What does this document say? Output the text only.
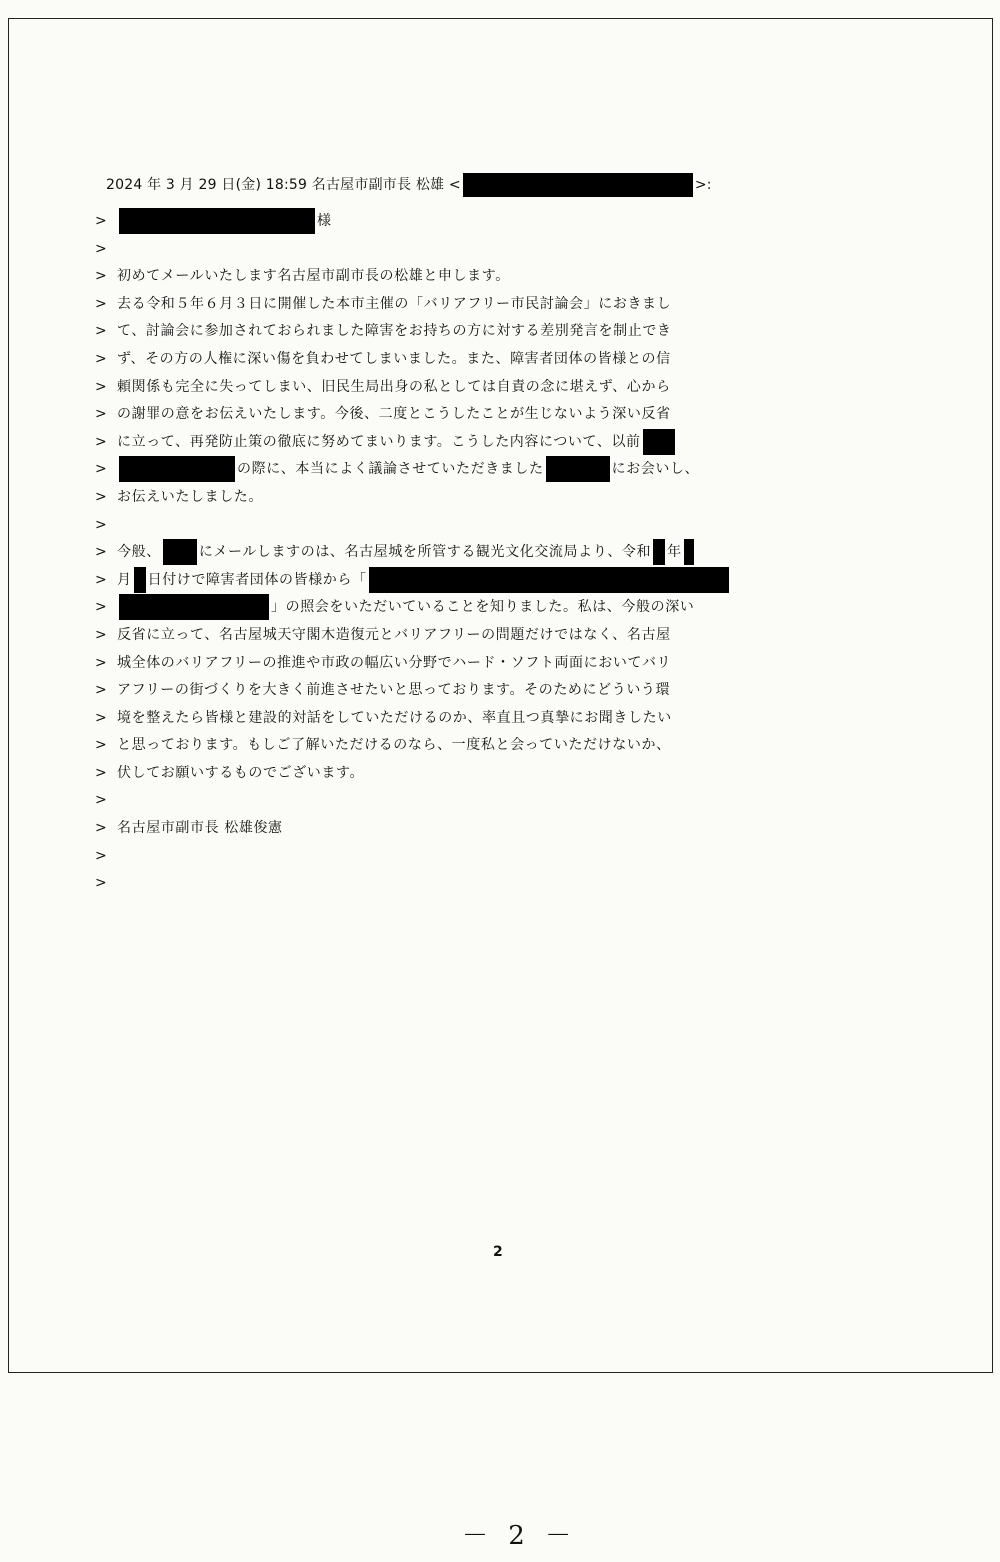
2024 年 3 月 29 日(金) 18:59 名古屋市副市長 松雄 <	>:
>	様
>
> 初めてメールいたします名古屋市副市長の松雄と申します。
> 去る令和５年６月３日に開催した本市主催の「バリアフリー市民討論会」におきまし
> て、討論会に参加されておられました障害をお持ちの方に対する差別発言を制止でき
> ず、その方の人権に深い傷を負わせてしまいました。また、障害者団体の皆様との信
> 頼関係も完全に失ってしまい、旧民生局出身の私としては自責の念に堪えず、心から
> の謝罪の意をお伝えいたします。今後、二度とこうしたことが生じないよう深い反省
> に立って、再発防止策の徹底に努めてまいります。こうした内容について、以前
>	の際に、本当によく議論させていただきました	にお会いし、
> お伝えいたしました。
>
> 今般、	にメールしますのは、名古屋城を所管する観光文化交流局より、令和 年
> 月 日付けで障害者団体の皆様から「
>	」の照会をいただいていることを知りました。私は、今般の深い
> 反省に立って、名古屋城天守閣木造復元とバリアフリーの問題だけではなく、名古屋
> 城全体のバリアフリーの推進や市政の幅広い分野でハード・ソフト両面においてバリ
> アフリーの街づくりを大きく前進させたいと思っております。そのためにどういう環
> 境を整えたら皆様と建設的対話をしていただけるのか、率直且つ真摯にお聞きしたい
> と思っております。もしご了解いただけるのなら、一度私と会っていただけないか、
> 伏してお願いするものでございます。
>
> 名古屋市副市長 松雄俊憲
>
>
2
－ 2 －
